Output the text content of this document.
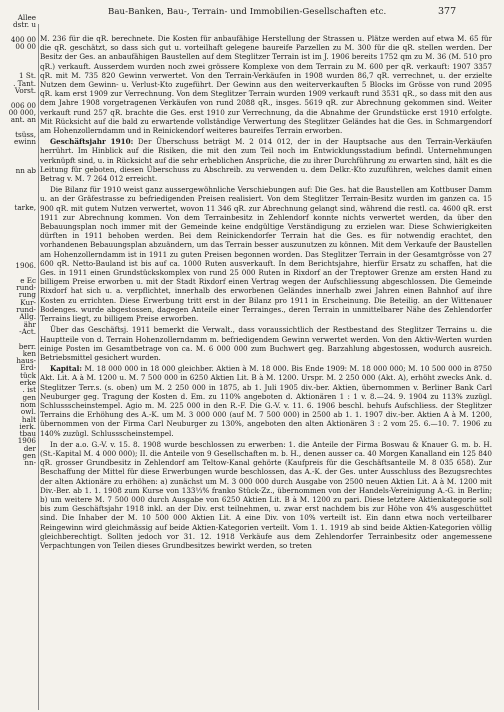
Bau-Banken, Bau-, Terrain- und Immobilien-Gesellschaften etc.	377
Allee
dstr. u
400 00
00 00
1 St.
. Tant.
Vorst.
006 00
00 000,
ant. an
tsüss,
ewinn
nn ab
tarke,
1906.
e Ec
rund-
rung
Kur-
rund-
Allg.
ähr
-Act.
berr.
ken
haus-
Erd-
tück
erke
. ist
gen
nom
owl.
halt
ierk.
tbau
1906
der
gen
nn-

M. 236 für die qR. berechnete. Die Kosten für anbaufähige Herstellung der Strassen u. Plätze werden auf etwa M. 65 für die qR. geschätzt, so dass sich gut u. vorteilhaft gelegene baureife Parzellen zu M. 300 für die qR. stellen werden. Der Besitz der Ges. an anbaufähigen Baustellen auf dem Steglitzer Terrain ist im J. 1906 bereits 1752 qm zu M. 36 (M. 510 pro qR.) verkauft. Ausserdem wurden noch zwei grössere Komplexe von dem Terrain zu M. 600 per qR. verkauft: 1907 3357 qR. mit M. 735 820 Gewinn verwertet. Von den Terrain-Verkäufen in 1908 wurden 86,7 qR. verrechnet, u. der erzielte Nutzen dem Gewinn- u. Verlust-Kto zugeführt. Der Gewinn aus den weiterverkauften 5 Blocks im Grösse von rund 2095 qR. kam erst 1909 zur Verrechnung. Von dem Steglitzer Terrain wurden 1909 verkauft rund 3531 qR., so dass mit den aus dem Jahre 1908 vorgetragenen Verkäufen von rund 2088 qR., insges. 5619 qR. zur Abrechnung gekommen sind. Weiter verkauft rund 257 qR. brachte die Ges. erst 1910 zur Verrechnung, da die Abnahme der Grundstücke erst 1910 erfolgte. Mit Rücksicht auf die bald zu erwartende vollständige Verwertung des Steglitzer Geländes hat die Ges. in Schmargendorf am Hohenzollerndamm und in Reinickendorf weiteres baureifes Terrain erworben.

Geschäftsjahr 1910: Der Überschuss beträgt M. 2 014 012, der in der Hauptsache aus den Terrain-Verkäufen herrührt. Im Hinblick auf die Risiken, die mit den zum Teil noch im Entwicklungsstadium befindl. Unternehmungen verknüpft sind, u. in Rücksicht auf die sehr erheblichen Ansprüche, die zu ihrer Durchführung zu erwarten sind, hält es die Leitung für geboten, diesen Überschuss zu Abschreib. zu verwenden u. dem Delkr.-Kto zuzuführen, welches damit einen Betrag v. M. 7 264 012 erreicht.

Die Bilanz für 1910 weist ganz aussergewöhnliche Verschiebungen auf: Die Ges. hat die Baustellen am Kottbuser Damm u. an der Gräfestrasse zu befriedigenden Preisen realisiert. Von dem Steglitzer Terrain-Besitz wurden im ganzen ca. 15 900 qR. mit gutem Nutzen verwertet, wovon 11 346 qR. zur Abrechnung gelangt sind, während die restl. ca. 4600 qR. erst 1911 zur Abrechnung kommen. Von dem Terrainbesitz in Zehlendorf konnte nichts verwertet werden, da über den Bebauungsplan noch immer mit der Gemeinde keine endgültige Verständigung zu erzielen war. Diese Schwierigkeiten dürften in 1911 behoben werden. Bei dem Reinickendorfer Terrain hat die Ges. es für notwendig erachtet, den vorhandenen Bebauungsplan abzuändern, um das Terrain besser auszunutzen zu können. Mit dem Verkaufe der Baustellen am Hohenzollerndamm ist in 1911 zu guten Preisen begonnen worden. Das Steglitzer Terrain in der Gesamtgrösse von 27 600 qR. Netto-Bauland ist bis auf ca. 1000 Ruten ausverkauft. In dem Berichtsjahre, hierfür Ersatz zu schaffen, hat die Ges. in 1911 einen Grundstückskomplex von rund 25 000 Ruten in Rixdorf an der Treptower Grenze am ersten Hand zu billigem Preise erworben u. mit der Stadt Rixdorf einen Vertrag wegen der Aufschliessung abgeschlossen. Die Gemeinde Rixdorf hat sich u. a. verpflichtet, innerhalb des erworbenen Geländes innerhalb zwei Jahren einen Bahnhof auf ihre Kosten zu errichten. Diese Erwerbung tritt erst in der Bilanz pro 1911 in Erscheinung. Die Beteilig. an der Wittenauer Bodenges. wurde abgestossen, dagegen Anteile einer Terrainges., deren Terrain in unmittelbarer Nähe des Zehlendorfer Terrains liegt, zu billigem Preise erworben.

Über das Geschäftsj. 1911 bemerkt die Verwalt., dass voraussichtlich der Restbestand des Steglitzer Terrains u. die Hauptteile von d. Terrain Hohenzollerndamm m. befriedigendem Gewinn verwertet werden. Von den Aktiv-Werten wurden einige Posten im Gesamtbetrage von ca. M. 6 000 000 zum Buchwert geg. Barzahlung abgestossen, wodurch ausreich. Betriebsmittel gesichert wurden.

Kapital: M. 18 000 000 in 18 000 gleichber. Aktien à M. 18 000. Bis Ende 1909: M. 18 000 000; M. 10 500 000 in 8750 Akt. Lit. A à M. 1200 u. M. 7 500 000 in 6250 Aktien Lit. B à M. 1200. Urspr. M. 2 250 000 (Akt. A), erhöht zwecks Ank. d. Steglitzer Terr.s. (s. oben) um M. 2 250 000 in 1875, ab 1. Juli 1905 div.-ber. Aktien, übernommen v. Berliner Bank Carl Neuburger geg. Tragung der Kosten d. Em. zu 110% angeboten d. Aktionären 1 : 1 v. 8.—24. 9. 1904 zu 113% zuzügl. Schlussscheinstempel. Agio m. M. 225 000 in den R.-F. Die G.-V. v. 11. 6. 1906 beschl. behufs Aufschliess. der Steglitzer Terrains die Erhöhung des A.-K. um M. 3 000 000 (auf M. 7 500 000) in 2500 ab 1. 1. 1907 div.-ber. Aktien A à M. 1200, übernommen von der Firma Carl Neuburger zu 130%, angeboten den alten Aktionären 3 : 2 vom 25. 6.—10. 7. 1906 zu 140% zuzügl. Schlussscheinstempel.

In der a.o. G.-V. v. 15. 8. 1908 wurde beschlossen zu erwerben: 1. die Anteile der Firma Boswau & Knauer G. m. b. H. (St.-Kapital M. 4 000 000); II. die Anteile von 9 Gesellschaften m. b. H., denen ausser ca. 40 Morgen Kanalland ein 125 840 qR. grosser Grundbesitz in Zehlendorf am Teltow-Kanal gehörte (Kaufpreis für die Geschäftsanteile M. 8 035 658). Zur Beschaffung der Mittel für diese Erwerbungen wurde beschlossen, das A.-K. der Ges. unter Ausschluss des Bezugsrechtes der alten Aktionäre zu erhöhen: a) zunächst um M. 3 000 000 durch Ausgabe von 2500 neuen Aktien Lit. A à M. 1200 mit Div.-Ber. ab 1. 1. 1908 zum Kurse von 133⅓% franko Stück-Zz., übernommen von der Handels-Vereinigung A.-G. in Berlin; b) um weitere M. 7 500 000 durch Ausgabe von 6250 Aktien Lit. B à M. 1200 zu pari. Diese letztere Aktienkategorie soll bis zum Geschäftsjahr 1918 inkl. an der Div. erst teilnehmen, u. zwar erst nachdem bis zur Höhe von 4% ausgeschüttet sind. Die Inhaber der M. 10 500 000 Aktien Lit. A eine Div. von 10% verteilt ist. Ein dann etwa noch verteilbarer Reingewinn wird gleichmässig auf beide Aktien-Kategorien verteilt. Vom 1. 1. 1919 ab sind beide Aktien-Kategorien völlig gleichberechtigt. Sollten jedoch vor 31. 12. 1918 Verkäufe aus dem Zehlendorfer Terrainbesitz oder angemessene Verpachtungen von Teilen dieses Grundbesitzes bewirkt werden, so treten
